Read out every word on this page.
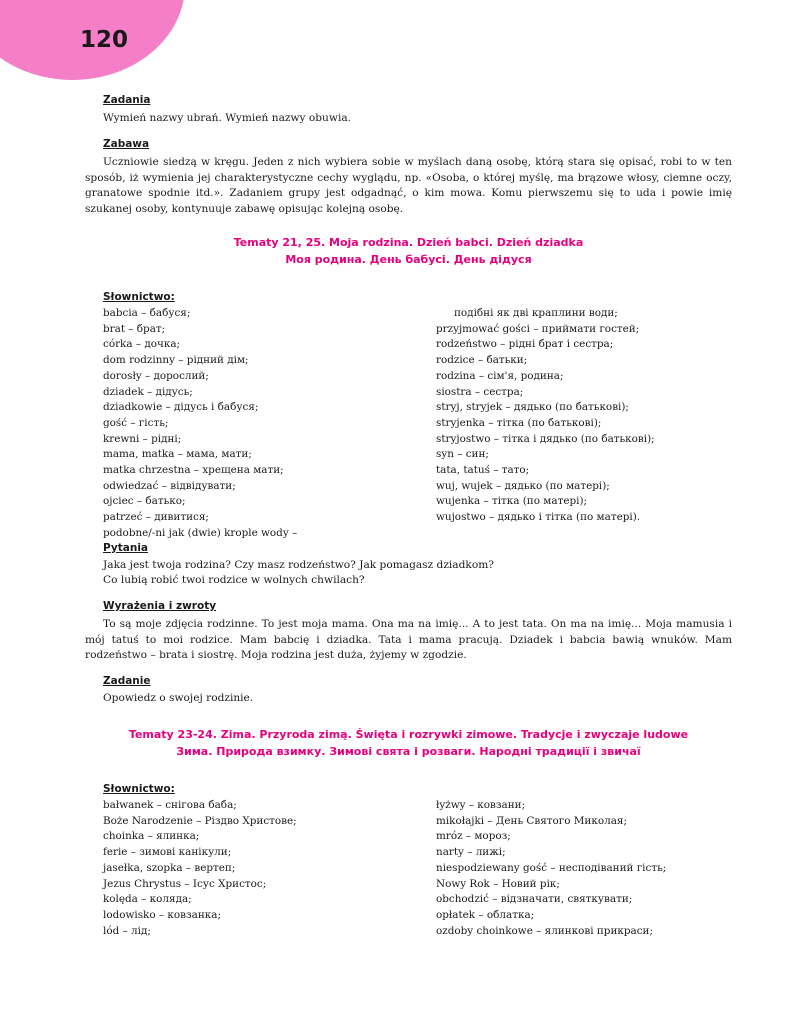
120
Zadania
Wymień nazwy ubrań. Wymień nazwy obuwia.
Zabawa
Uczniowie siedzą w kręgu. Jeden z nich wybiera sobie w myślach daną osobę, którą stara się opisać, robi to w ten sposób, iż wymienia jej charakterystyczne cechy wyglądu, np. «Osoba, o której myślę, ma brązowe włosy, ciemne oczy, granatowe spodnie itd.». Zadaniem grupy jest odgadnąć, o kim mowa. Komu pierwszemu się to uda i powie imię szukanej osoby, kontynuuje zabawę opisując kolejną osobę.
Tematy 21, 25. Moja rodzina. Dzień babci. Dzień dziadka
Моя родина. День бабусі. День дідуся
Słownictwo:
babcia – бабуся;
brat – брат;
córka – дочка;
dom rodzinny – рідний дім;
dorosły – дорослий;
dziadek – дідусь;
dziadkowie – дідусь і бабуся;
gość – гість;
krewni – рідні;
mama, matka – мама, мати;
matka chrzestna – хрещена мати;
odwiedzać – відвідувати;
ojciec – батько;
patrzeć – дивитися;
podobne/-ni jak (dwie) krople wody –
подібні як дві краплини води;
przyjmować gości – приймати гостей;
rodzeństwo – рідні брат і сестра;
rodzice – батьки;
rodzina – сім'я, родина;
siostra – сестра;
stryj, stryjek – дядько (по батькові);
stryjenka – тітка (по батькові);
stryjostwo – тітка і дядько (по батькові);
syn – син;
tata, tatuś – тато;
wuj, wujek – дядько (по матері);
wujenka – тітка (по матері);
wujostwo – дядько і тітка (по матері).
Pytania
Jaka jest twoja rodzina? Czy masz rodzeństwo? Jak pomagasz dziadkom?
Co lubią robić twoi rodzice w wolnych chwilach?
Wyrażenia i zwroty
To są moje zdjęcia rodzinne. To jest moja mama. Ona ma na imię... A to jest tata. On ma na imię... Moja mamusia i mój tatuś to moi rodzice. Mam babcię i dziadka. Tata i mama pracują. Dziadek i babcia bawią wnuków. Mam rodzeństwo – brata i siostrę. Moja rodzina jest duża, żyjemy w zgodzie.
Zadanie
Opowiedz o swojej rodzinie.
Tematy 23-24. Zima. Przyroda zimą. Święta i rozrywki zimowe. Tradycje i zwyczaje ludowe
Зима. Природа взимку. Зимові свята і розваги. Народні традиції і звичаї
Słownictwo:
bałwanek – снігова баба;
Boże Narodzenie – Різдво Христове;
choinka – ялинка;
ferie – зимові канікули;
jasełka, szopka – вертеп;
Jezus Chrystus – Ісус Христос;
kolęda – коляда;
lodowisko – ковзанка;
lód – лід;
łyżwy – ковзани;
mikołajki – День Святого Миколая;
mróz – мороз;
narty – лижі;
niespodziewany gość – несподіваний гість;
Nowy Rok – Новий рік;
obchodzić – відзначати, святкувати;
opłatek – облатка;
ozdoby choinkowe – ялинкові прикраси;
